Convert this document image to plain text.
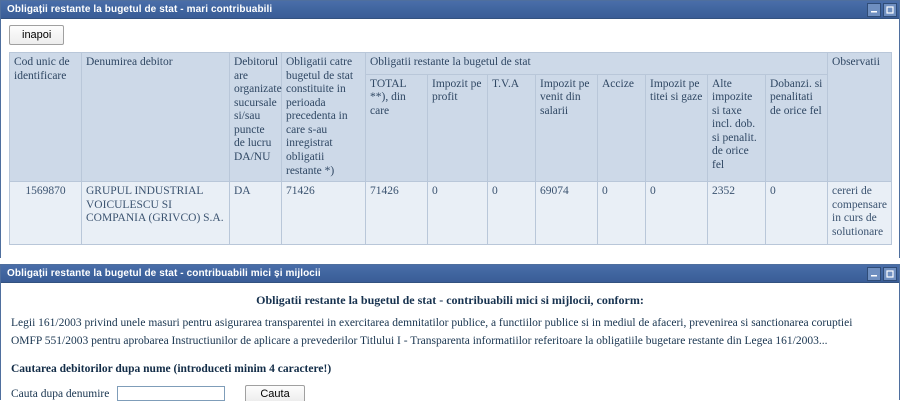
Obligații restante la bugetul de stat - mari contribuabili
inapoi
Cod unic de identificare	Denumirea debitor	Debitorul are organizate sucursale si/sau puncte de lucru DA/NU	Obligatii catre bugetul de stat constituite in perioada precedenta in care s-au inregistrat obligatii restante *)	Obligatii restante la bugetul de stat								Observatii
				TOTAL **), din care	Impozit pe profit	T.V.A	Impozit pe venit din salarii	Accize	Impozit pe titei si gaze	Alte impozite si taxe incl. dob. si penalit. de orice fel	Dobanzi. si penalitati de orice fel	
1569870	GRUPUL INDUSTRIAL VOICULESCU SI COMPANIA (GRIVCO) S.A.	DA	71426	71426	0	0	69074	0	0	2352	0	cereri de compensare in curs de solutionare
Obligații restante la bugetul de stat - contribuabili mici și mijlocii
Obligatii restante la bugetul de stat - contribuabili mici si mijlocii, conform:
Legii 161/2003 privind unele masuri pentru asigurarea transparentei in exercitarea demnitatilor publice, a functiilor publice si in mediul de afaceri, prevenirea si sanctionarea coruptiei
OMFP 551/2003 pentru aprobarea Instructiunilor de aplicare a prevederilor Titlului I - Transparenta informatiilor referitoare la obligatiile bugetare restante din Legea 161/2003...
Cautarea debitorilor dupa nume (introduceti minim 4 caractere!)
Cauta dupa denumire	Cauta
